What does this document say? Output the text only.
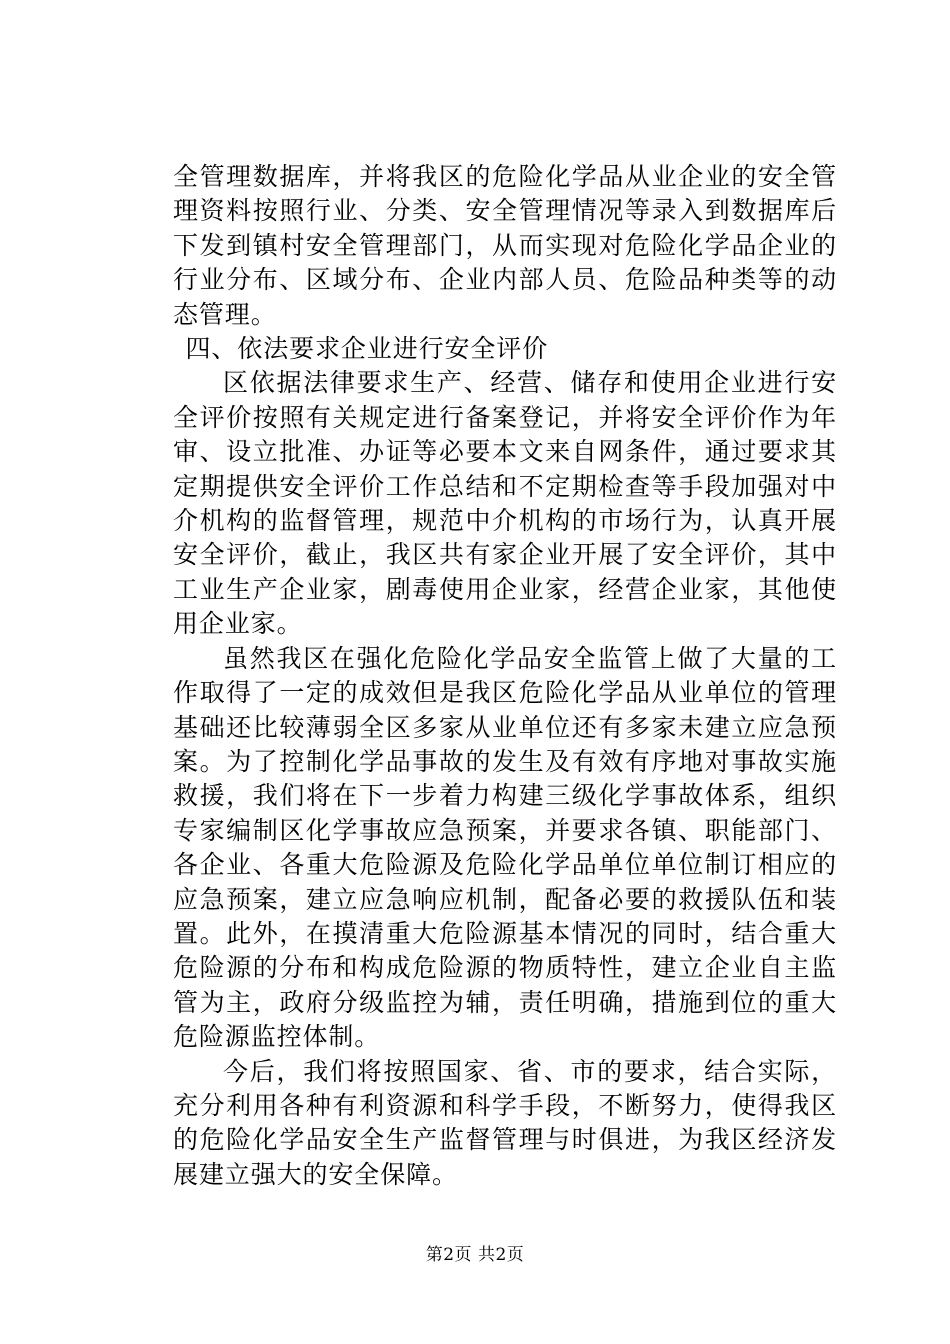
全管理数据库，并将我区的危险化学品从业企业的安全管理资料按照行业、分类、安全管理情况等录入到数据库后下发到镇村安全管理部门，从而实现对危险化学品企业的行业分布、区域分布、企业内部人员、危险品种类等的动态管理。

四、依法要求企业进行安全评价

区依据法律要求生产、经营、储存和使用企业进行安全评价按照有关规定进行备案登记，并将安全评价作为年审、设立批准、办证等必要本文来自网条件，通过要求其定期提供安全评价工作总结和不定期检查等手段加强对中介机构的监督管理，规范中介机构的市场行为，认真开展安全评价，截止，我区共有家企业开展了安全评价，其中工业生产企业家，剧毒使用企业家，经营企业家，其他使用企业家。

虽然我区在强化危险化学品安全监管上做了大量的工作取得了一定的成效但是我区危险化学品从业单位的管理基础还比较薄弱全区多家从业单位还有多家未建立应急预案。为了控制化学品事故的发生及有效有序地对事故实施救援，我们将在下一步着力构建三级化学事故体系，组织专家编制区化学事故应急预案，并要求各镇、职能部门、各企业、各重大危险源及危险化学品单位单位制订相应的应急预案，建立应急响应机制，配备必要的救援队伍和装置。此外，在摸清重大危险源基本情况的同时，结合重大危险源的分布和构成危险源的物质特性，建立企业自主监管为主，政府分级监控为辅，责任明确，措施到位的重大危险源监控体制。

今后，我们将按照国家、省、市的要求，结合实际，充分利用各种有利资源和科学手段，不断努力，使得我区的危险化学品安全生产监督管理与时俱进，为我区经济发展建立强大的安全保障。

第2页 共2页
